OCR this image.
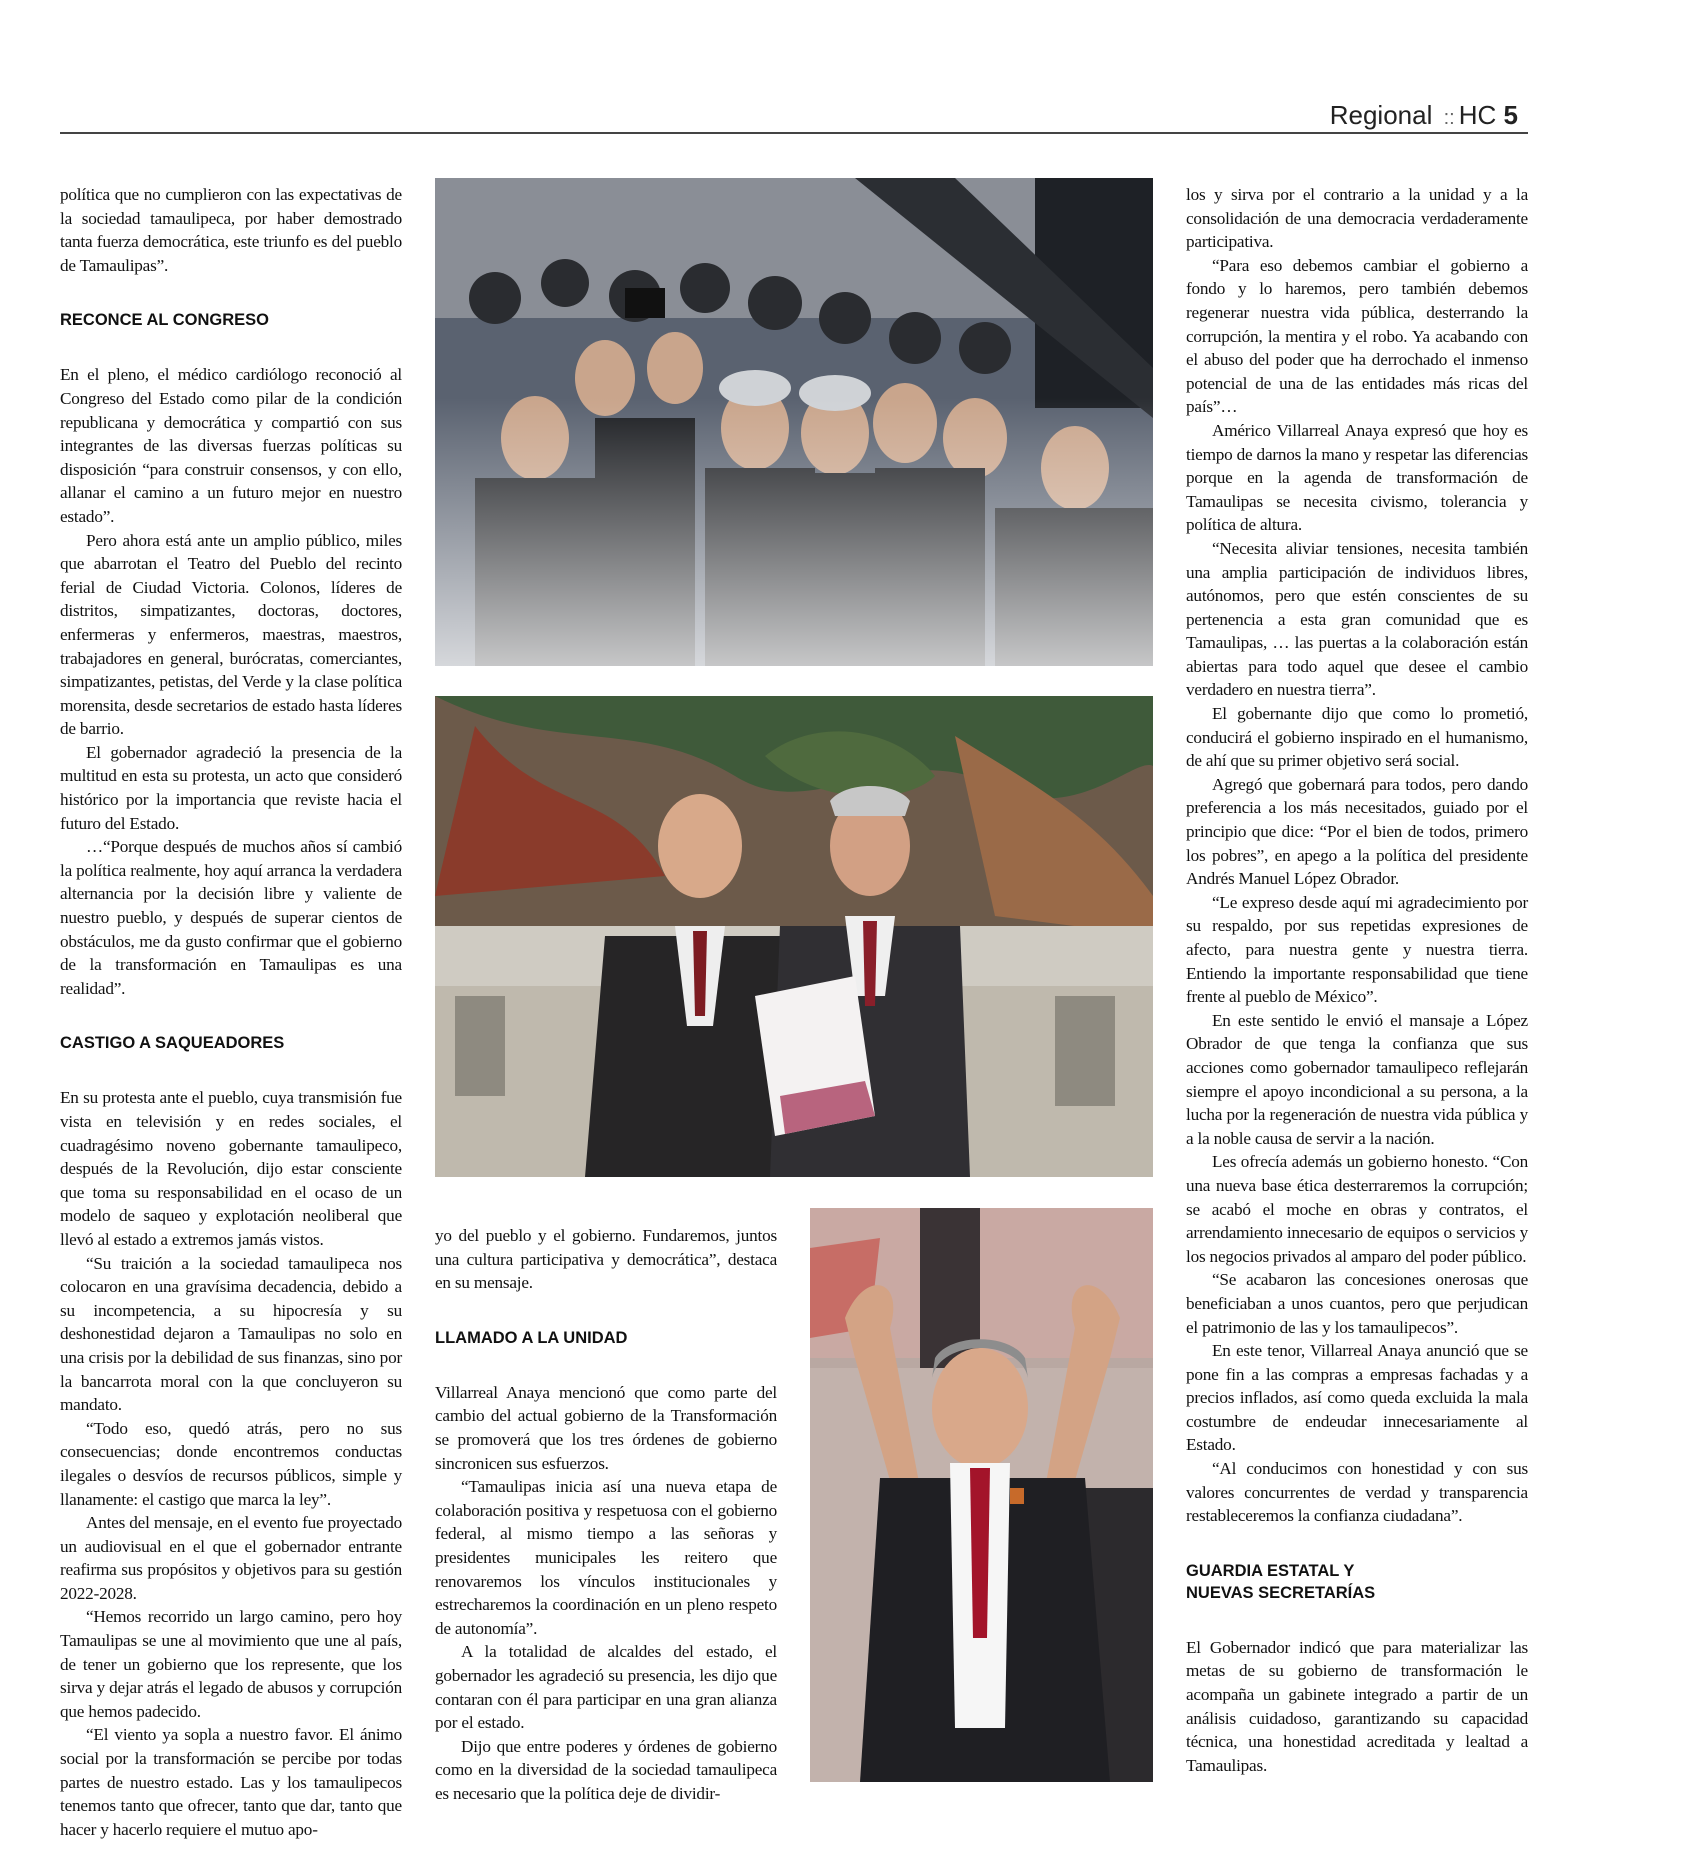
Regional :: HC 5

política que no cumplieron con las expectativas de la sociedad tamaulipeca, por haber demostrado tanta fuerza democrática, este triunfo es del pueblo de Tamaulipas”.

RECONCE AL CONGRESO

En el pleno, el médico cardiólogo reconoció al Congreso del Estado como pilar de la condición republicana y democrática y compartió con sus integrantes de las diversas fuerzas políticas su disposición “para construir consensos, y con ello, allanar el camino a un futuro mejor en nuestro estado”.

Pero ahora está ante un amplio público, miles que abarrotan el Teatro del Pueblo del recinto ferial de Ciudad Victoria. Colonos, líderes de distritos, simpatizantes, doctoras, doctores, enfermeras y enfermeros, maestras, maestros, trabajadores en general, burócratas, comerciantes, simpatizantes, petistas, del Verde y la clase política morensita, desde secretarios de estado hasta líderes de barrio.

El gobernador agradeció la presencia de la multitud en esta su protesta, un acto que consideró histórico por la importancia que reviste hacia el futuro del Estado.

…“Porque después de muchos años sí cambió la política realmente, hoy aquí arranca la verdadera alternancia por la decisión libre y valiente de nuestro pueblo, y después de superar cientos de obstáculos, me da gusto confirmar que el gobierno de la transformación en Tamaulipas es una realidad”.

CASTIGO A SAQUEADORES

En su protesta ante el pueblo, cuya transmisión fue vista en televisión y en redes sociales, el cuadragésimo noveno gobernante tamaulipeco, después de la Revolución, dijo estar consciente que toma su responsabilidad en el ocaso de un modelo de saqueo y explotación neoliberal que llevó al estado a extremos jamás vistos.

“Su traición a la sociedad tamaulipeca nos colocaron en una gravísima decadencia, debido a su incompetencia, a su hipocresía y su deshonestidad dejaron a Tamaulipas no solo en una crisis por la debilidad de sus finanzas, sino por la bancarrota moral con la que concluyeron su mandato.

“Todo eso, quedó atrás, pero no sus consecuencias; donde encontremos conductas ilegales o desvíos de recursos públicos, simple y llanamente: el castigo que marca la ley”.

Antes del mensaje, en el evento fue proyectado un audiovisual en el que el gobernador entrante reafirma sus propósitos y objetivos para su gestión 2022-2028.

“Hemos recorrido un largo camino, pero hoy Tamaulipas se une al movimiento que une al país, de tener un gobierno que los represente, que los sirva y dejar atrás el legado de abusos y corrupción que hemos padecido.

“El viento ya sopla a nuestro favor. El ánimo social por la transformación se percibe por todas partes de nuestro estado. Las y los tamaulipecos tenemos tanto que ofrecer, tanto que dar, tanto que hacer y hacerlo requiere el mutuo apo-

yo del pueblo y el gobierno. Fundaremos, juntos una cultura participativa y democrática”, destaca en su mensaje.

LLAMADO A LA UNIDAD

Villarreal Anaya mencionó que como parte del cambio del actual gobierno de la Transformación se promoverá que los tres órdenes de gobierno sincronicen sus esfuerzos.

“Tamaulipas inicia así una nueva etapa de colaboración positiva y respetuosa con el gobierno federal, al mismo tiempo a las señoras y presidentes municipales les reitero que renovaremos los vínculos institucionales y estrecharemos la coordinación en un pleno respeto de autonomía”.

A la totalidad de alcaldes del estado, el gobernador les agradeció su presencia, les dijo que contaran con él para participar en una gran alianza por el estado.

Dijo que entre poderes y órdenes de gobierno como en la diversidad de la sociedad tamaulipeca es necesario que la política deje de dividir-

los y sirva por el contrario a la unidad y a la consolidación de una democracia verdaderamente participativa.

“Para eso debemos cambiar el gobierno a fondo y lo haremos, pero también debemos regenerar nuestra vida pública, desterrando la corrupción, la mentira y el robo. Ya acabando con el abuso del poder que ha derrochado el inmenso potencial de una de las entidades más ricas del país”…

Américo Villarreal Anaya expresó que hoy es tiempo de darnos la mano y respetar las diferencias porque en la agenda de transformación de Tamaulipas se necesita civismo, tolerancia y política de altura.

“Necesita aliviar tensiones, necesita también una amplia participación de individuos libres, autónomos, pero que estén conscientes de su pertenencia a esta gran comunidad que es Tamaulipas, … las puertas a la colaboración están abiertas para todo aquel que desee el cambio verdadero en nuestra tierra”.

El gobernante dijo que como lo prometió, conducirá el gobierno inspirado en el humanismo, de ahí que su primer objetivo será social.

Agregó que gobernará para todos, pero dando preferencia a los más necesitados, guiado por el principio que dice: “Por el bien de todos, primero los pobres”, en apego a la política del presidente Andrés Manuel López Obrador.

“Le expreso desde aquí mi agradecimiento por su respaldo, por sus repetidas expresiones de afecto, para nuestra gente y nuestra tierra. Entiendo la importante responsabilidad que tiene frente al pueblo de México”.

En este sentido le envió el mansaje a López Obrador de que tenga la confianza que sus acciones como gobernador tamaulipeco reflejarán siempre el apoyo incondicional a su persona, a la lucha por la regeneración de nuestra vida pública y a la noble causa de servir a la nación.

Les ofrecía además un gobierno honesto. “Con una nueva base ética desterraremos la corrupción; se acabó el moche en obras y contratos, el arrendamiento innecesario de equipos o servicios y los negocios privados al amparo del poder público.

“Se acabaron las concesiones onerosas que beneficiaban a unos cuantos, pero que perjudican el patrimonio de las y los tamaulipecos”.

En este tenor, Villarreal Anaya anunció que se pone fin a las compras a empresas fachadas y a precios inflados, así como queda excluida la mala costumbre de endeudar innecesariamente al Estado.

“Al conducimos con honestidad y con sus valores concurrentes de verdad y transparencia restableceremos la confianza ciudadana”.

GUARDIA ESTATAL Y
NUEVAS SECRETARÍAS

El Gobernador indicó que para materializar las metas de su gobierno de transformación le acompaña un gabinete integrado a partir de un análisis cuidadoso, garantizando su capacidad técnica, una honestidad acreditada y lealtad a Tamaulipas.
